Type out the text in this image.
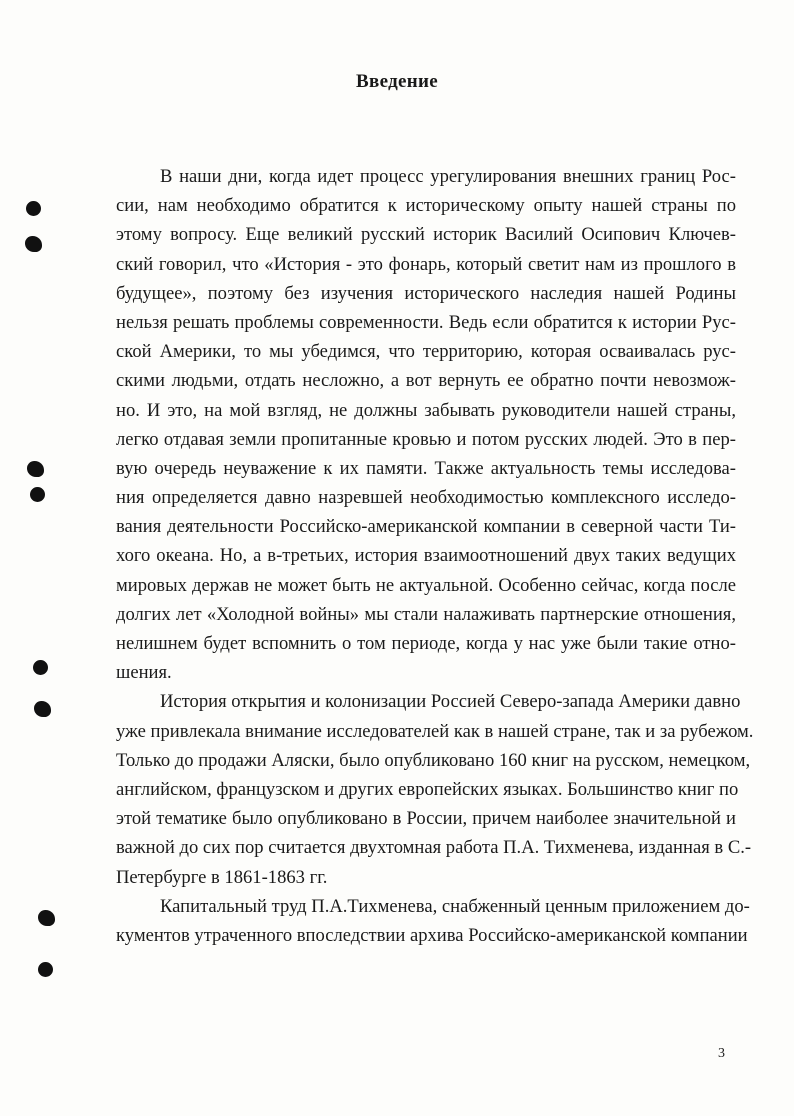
Введение
В наши дни, когда идет процесс урегулирования внешних границ Рос-
сии, нам необходимо обратится к историческому опыту нашей страны по
этому вопросу. Еще великий русский историк Василий Осипович Ключев-
ский говорил, что «История - это фонарь, который светит нам из прошлого в
будущее», поэтому без изучения исторического наследия нашей Родины
нельзя решать проблемы современности. Ведь если обратится к истории Рус-
ской Америки, то мы убедимся, что территорию, которая осваивалась рус-
скими людьми, отдать несложно, а вот вернуть ее обратно почти невозмож-
но. И это, на мой взгляд, не должны забывать руководители нашей страны,
легко отдавая земли пропитанные кровью и потом русских людей. Это в пер-
вую очередь неуважение к их памяти. Также актуальность темы исследова-
ния определяется давно назревшей необходимостью комплексного исследо-
вания деятельности Российско-американской компании в северной части Ти-
хого океана. Но, а в-третьих, история взаимоотношений двух таких ведущих
мировых держав не может быть не актуальной. Особенно сейчас, когда после
долгих лет «Холодной войны» мы стали налаживать партнерские отношения,
нелишнем будет вспомнить о том периоде, когда у нас уже были такие отно-
шения.
История открытия и колонизации Россией Северо-запада Америки давно
уже привлекала внимание исследователей как в нашей стране, так и за рубежом.
Только до продажи Аляски, было опубликовано 160 книг на русском, немецком,
английском, французском и других европейских языках. Большинство книг по
этой тематике было опубликовано в России, причем наиболее значительной и
важной до сих пор считается двухтомная работа П.А. Тихменева, изданная в С.-
Петербурге в 1861-1863 гг.
Капитальный труд П.А.Тихменева, снабженный ценным приложением до-
кументов утраченного впоследствии архива Российско-американской компании
3
